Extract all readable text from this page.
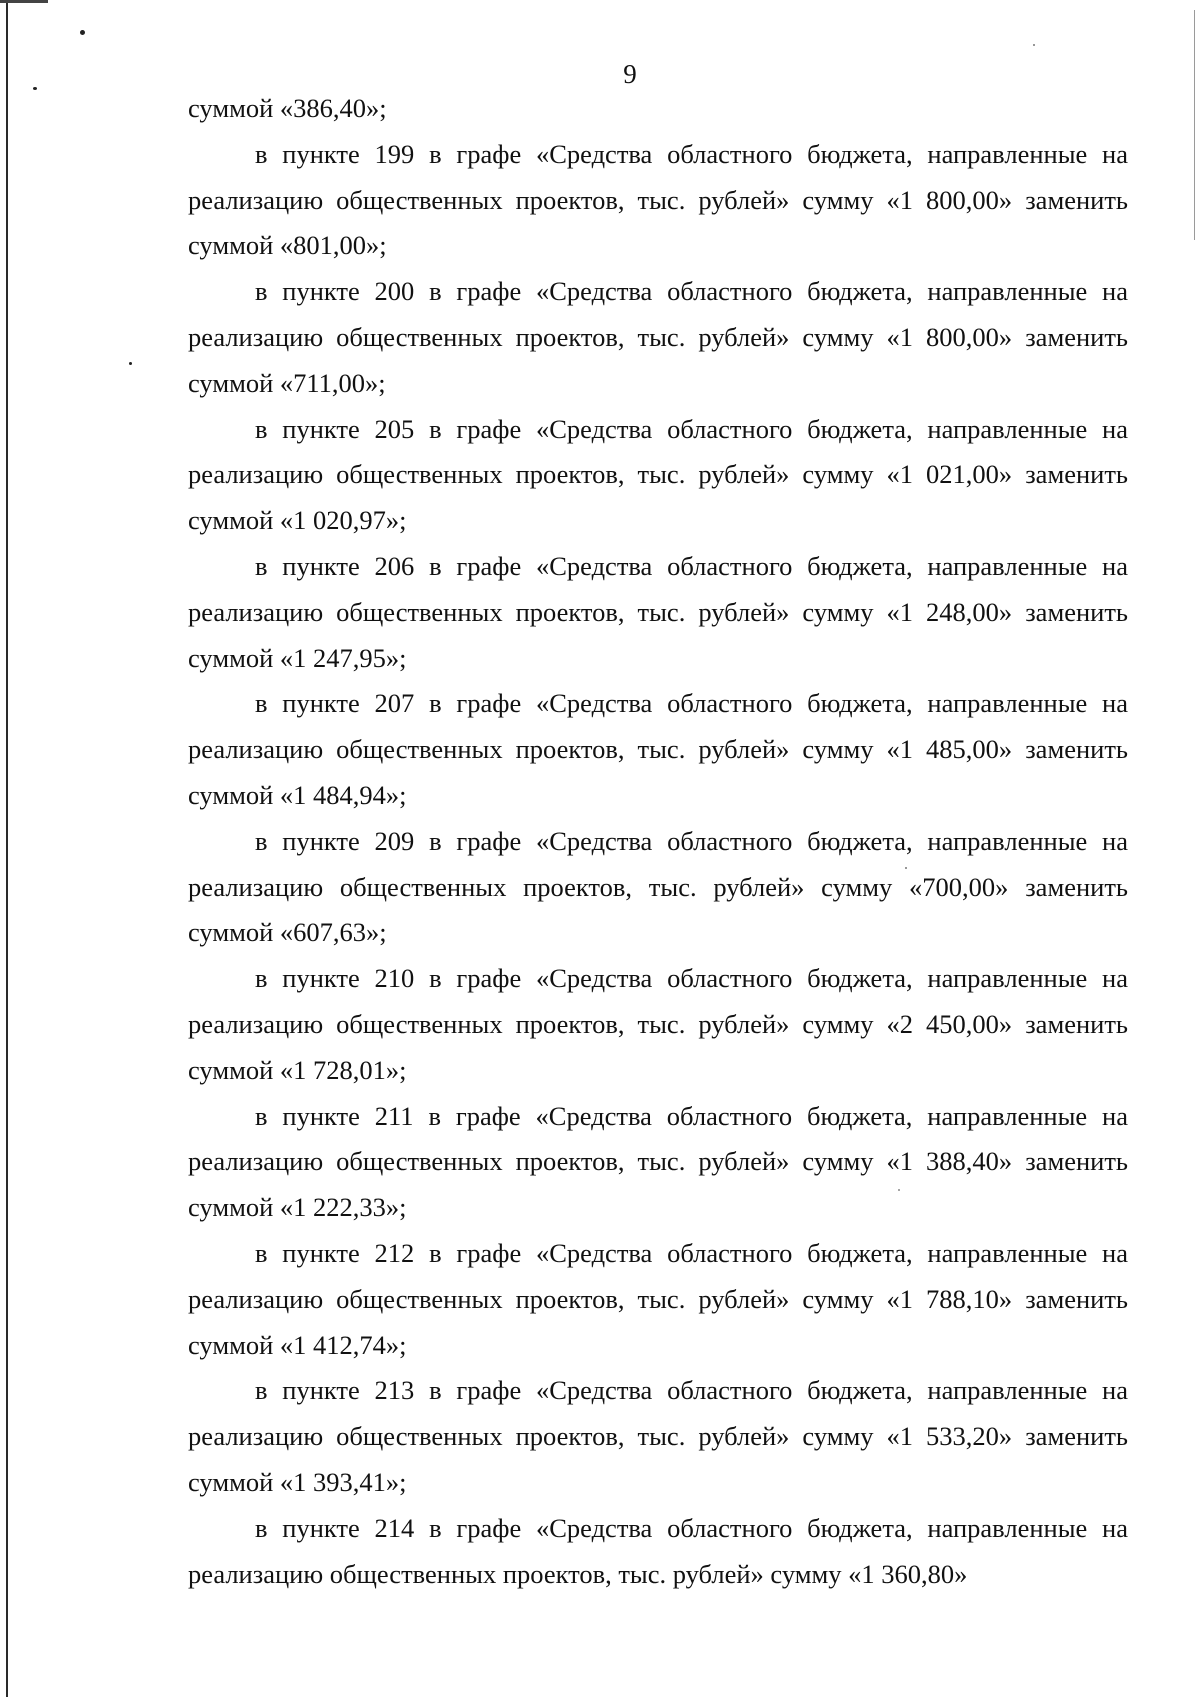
9

суммой «386,40»;

в пункте 199 в графе «Средства областного бюджета, направленные на реализацию общественных проектов, тыс. рублей» сумму «1 800,00» заменить суммой «801,00»;

в пункте 200 в графе «Средства областного бюджета, направленные на реализацию общественных проектов, тыс. рублей» сумму «1 800,00» заменить суммой «711,00»;

в пункте 205 в графе «Средства областного бюджета, направленные на реализацию общественных проектов, тыс. рублей» сумму «1 021,00» заменить суммой «1 020,97»;

в пункте 206 в графе «Средства областного бюджета, направленные на реализацию общественных проектов, тыс. рублей» сумму «1 248,00» заменить суммой «1 247,95»;

в пункте 207 в графе «Средства областного бюджета, направленные на реализацию общественных проектов, тыс. рублей» сумму «1 485,00» заменить суммой «1 484,94»;

в пункте 209 в графе «Средства областного бюджета, направленные на реализацию общественных проектов, тыс. рублей» сумму «700,00» заменить суммой «607,63»;

в пункте 210 в графе «Средства областного бюджета, направленные на реализацию общественных проектов, тыс. рублей» сумму «2 450,00» заменить суммой «1 728,01»;

в пункте 211 в графе «Средства областного бюджета, направленные на реализацию общественных проектов, тыс. рублей» сумму «1 388,40» заменить суммой «1 222,33»;

в пункте 212 в графе «Средства областного бюджета, направленные на реализацию общественных проектов, тыс. рублей» сумму «1 788,10» заменить суммой «1 412,74»;

в пункте 213 в графе «Средства областного бюджета, направленные на реализацию общественных проектов, тыс. рублей» сумму «1 533,20» заменить суммой «1 393,41»;

в пункте 214 в графе «Средства областного бюджета, направленные на реализацию общественных проектов, тыс. рублей» сумму «1 360,80»
